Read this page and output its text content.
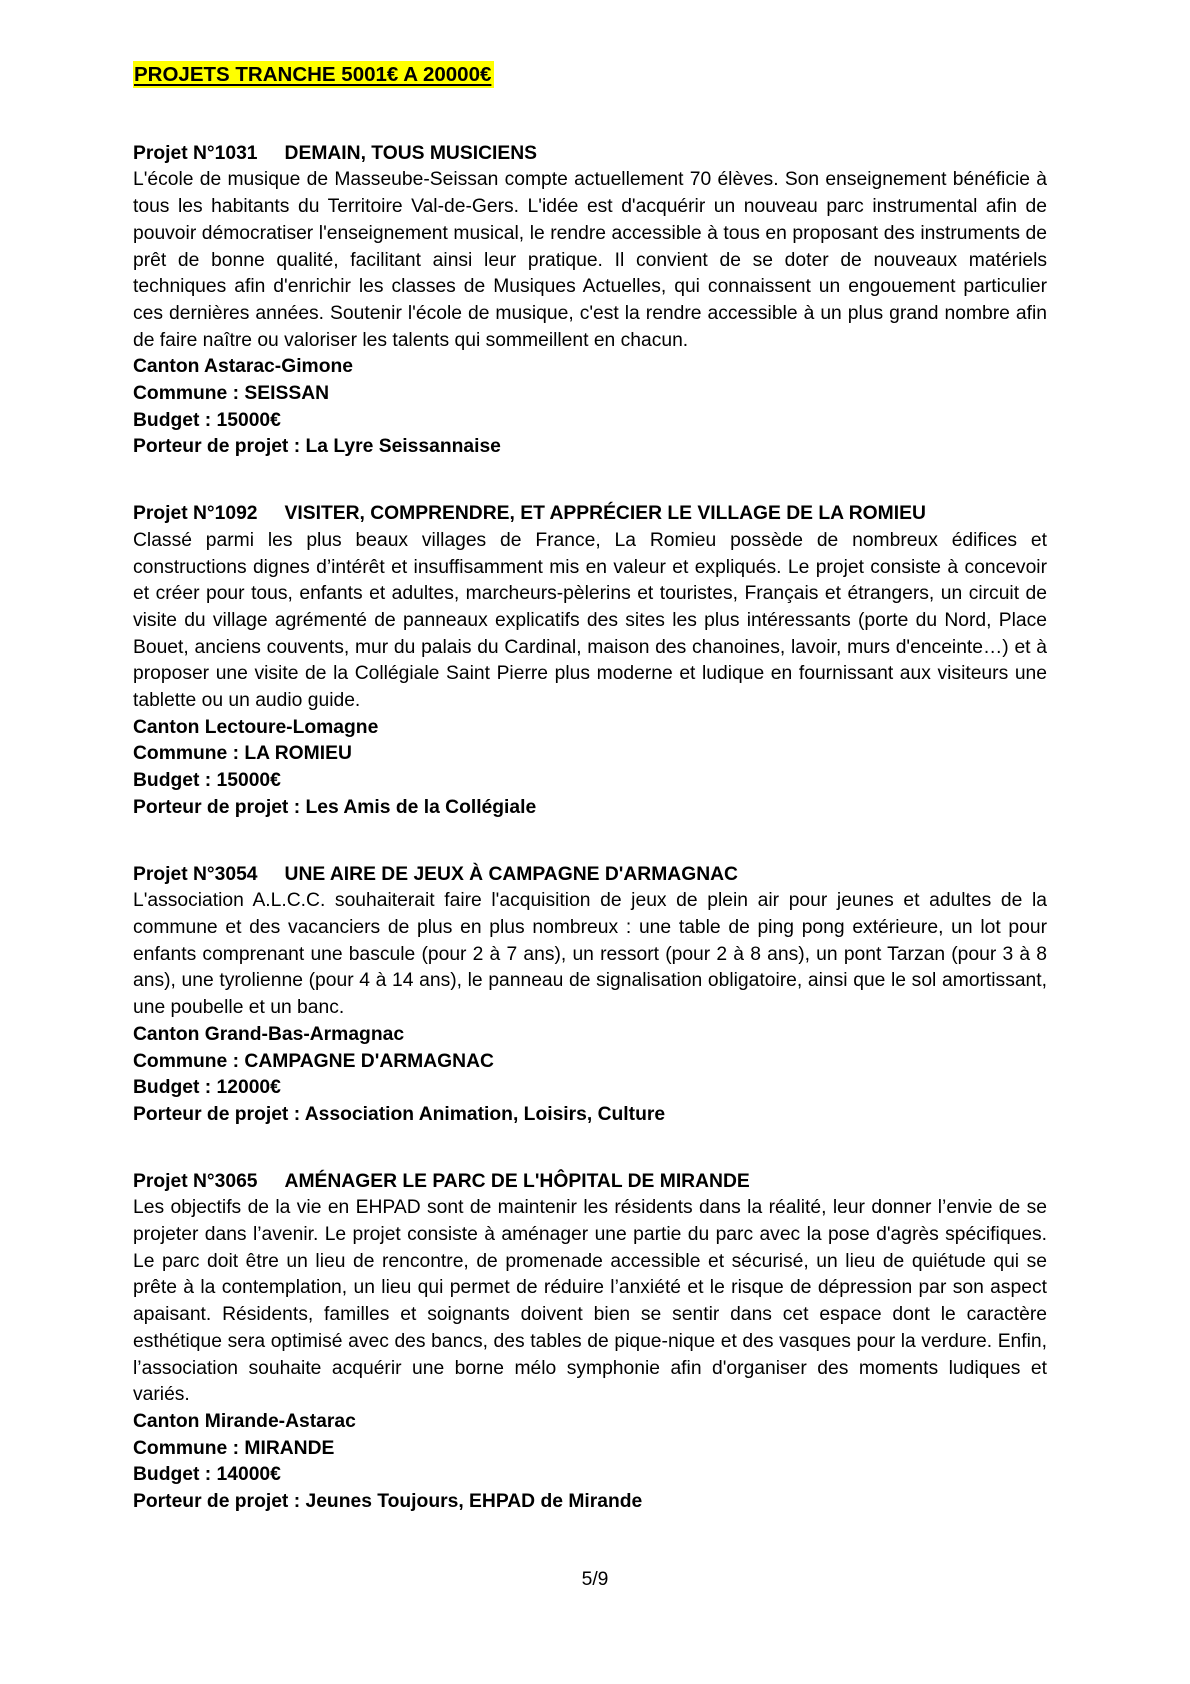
PROJETS TRANCHE 5001€ A 20000€
Projet N°1031 DEMAIN, TOUS MUSICIENS

L'école de musique de Masseube-Seissan compte actuellement 70 élèves. Son enseignement bénéficie à tous les habitants du Territoire Val-de-Gers. L'idée est d'acquérir un nouveau parc instrumental afin de pouvoir démocratiser l'enseignement musical, le rendre accessible à tous en proposant des instruments de prêt de bonne qualité, facilitant ainsi leur pratique. Il convient de se doter de nouveaux matériels techniques afin d'enrichir les classes de Musiques Actuelles, qui connaissent un engouement particulier ces dernières années. Soutenir l'école de musique, c'est la rendre accessible à un plus grand nombre afin de faire naître ou valoriser les talents qui sommeillent en chacun.

Canton Astarac-Gimone
Commune : SEISSAN
Budget : 15000€
Porteur de projet : La Lyre Seissannaise
Projet N°1092 VISITER, COMPRENDRE, ET APPRÉCIER LE VILLAGE DE LA ROMIEU

Classé parmi les plus beaux villages de France, La Romieu possède de nombreux édifices et constructions dignes d’intérêt et insuffisamment mis en valeur et expliqués. Le projet consiste à concevoir et créer pour tous, enfants et adultes, marcheurs-pèlerins et touristes, Français et étrangers, un circuit de visite du village agrémenté de panneaux explicatifs des sites les plus intéressants (porte du Nord, Place Bouet, anciens couvents, mur du palais du Cardinal, maison des chanoines, lavoir, murs d'enceinte…) et à proposer une visite de la Collégiale Saint Pierre plus moderne et ludique en fournissant aux visiteurs une tablette ou un audio guide.

Canton Lectoure-Lomagne
Commune : LA ROMIEU
Budget : 15000€
Porteur de projet : Les Amis de la Collégiale
Projet N°3054 UNE AIRE DE JEUX À CAMPAGNE D'ARMAGNAC

L'association A.L.C.C. souhaiterait faire l'acquisition de jeux de plein air pour jeunes et adultes de la commune et des vacanciers de plus en plus nombreux : une table de ping pong extérieure, un lot pour enfants comprenant une bascule (pour 2 à 7 ans), un ressort (pour 2 à 8 ans), un pont Tarzan (pour 3 à 8 ans), une tyrolienne (pour 4 à 14 ans), le panneau de signalisation obligatoire, ainsi que le sol amortissant, une poubelle et un banc.

Canton Grand-Bas-Armagnac
Commune : CAMPAGNE D'ARMAGNAC
Budget : 12000€
Porteur de projet : Association Animation, Loisirs, Culture
Projet N°3065 AMÉNAGER LE PARC DE L'HÔPITAL DE MIRANDE

Les objectifs de la vie en EHPAD sont de maintenir les résidents dans la réalité, leur donner l’envie de se projeter dans l’avenir. Le projet consiste à aménager une partie du parc avec la pose d'agrès spécifiques. Le parc doit être un lieu de rencontre, de promenade accessible et sécurisé, un lieu de quiétude qui se prête à la contemplation, un lieu qui permet de réduire l’anxiété et le risque de dépression par son aspect apaisant. Résidents, familles et soignants doivent bien se sentir dans cet espace dont le caractère esthétique sera optimisé avec des bancs, des tables de pique-nique et des vasques pour la verdure. Enfin, l’association souhaite acquérir une borne mélo symphonie afin d'organiser des moments ludiques et variés.

Canton Mirande-Astarac
Commune : MIRANDE
Budget : 14000€
Porteur de projet : Jeunes Toujours, EHPAD de Mirande
5/9
